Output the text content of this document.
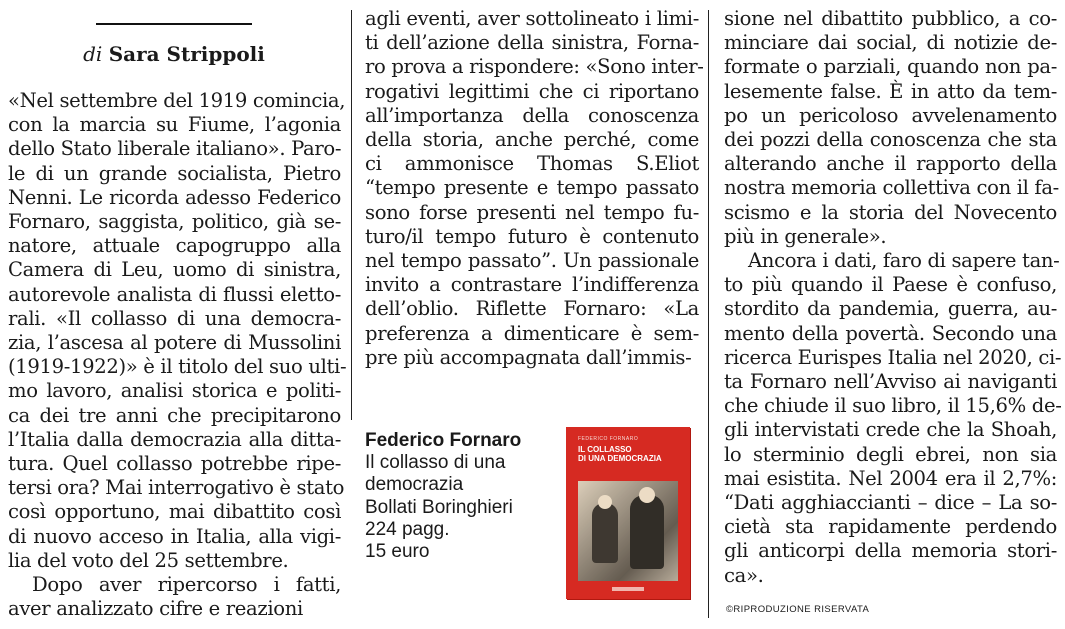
di Sara Strippoli
«Nel settembre del 1919 comincia,
con la marcia su Fiume, l’agonia
dello Stato liberale italiano». Paro-
le di un grande socialista, Pietro
Nenni. Le ricorda adesso Federico
Fornaro, saggista, politico, già se-
natore, attuale capogruppo alla
Camera di Leu, uomo di sinistra,
autorevole analista di flussi eletto-
rali. «Il collasso di una democra-
zia, l’ascesa al potere di Mussolini
(1919-1922)» è il titolo del suo ulti-
mo lavoro, analisi storica e politi-
ca dei tre anni che precipitarono
l’Italia dalla democrazia alla ditta-
tura. Quel collasso potrebbe ripe-
tersi ora? Mai interrogativo è stato
così opportuno, mai dibattito così
di nuovo acceso in Italia, alla vigi-
lia del voto del 25 settembre.
Dopo aver ripercorso i fatti,
aver analizzato cifre e reazioni
agli eventi, aver sottolineato i limi-
ti dell’azione della sinistra, Forna-
ro prova a rispondere: «Sono inter-
rogativi legittimi che ci riportano
all’importanza della conoscenza
della storia, anche perché, come
ci ammonisce Thomas S.Eliot
“tempo presente e tempo passato
sono forse presenti nel tempo fu-
turo/il tempo futuro è contenuto
nel tempo passato”. Un passionale
invito a contrastare l’indifferenza
dell’oblio. Riflette Fornaro: «La
preferenza a dimenticare è sem-
pre più accompagnata dall’immis-
sione nel dibattito pubblico, a co-
minciare dai social, di notizie de-
formate o parziali, quando non pa-
lesemente false. È in atto da tem-
po un pericoloso avvelenamento
dei pozzi della conoscenza che sta
alterando anche il rapporto della
nostra memoria collettiva con il fa-
scismo e la storia del Novecento
più in generale».
Ancora i dati, faro di sapere tan-
to più quando il Paese è confuso,
stordito da pandemia, guerra, au-
mento della povertà. Secondo una
ricerca Eurispes Italia nel 2020, ci-
ta Fornaro nell’Avviso ai naviganti
che chiude il suo libro, il 15,6% de-
gli intervistati crede che la Shoah,
lo sterminio degli ebrei, non sia
mai esistita. Nel 2004 era il 2,7%:
“Dati agghiaccianti – dice – La so-
cietà sta rapidamente perdendo
gli anticorpi della memoria stori-
ca».
Federico Fornaro
Il collasso di una
democrazia
Bollati Boringhieri
224 pagg.
15 euro
FEDERICO FORNARO
IL COLLASSO
DI UNA DEMOCRAZIA
©RIPRODUZIONE RISERVATA
